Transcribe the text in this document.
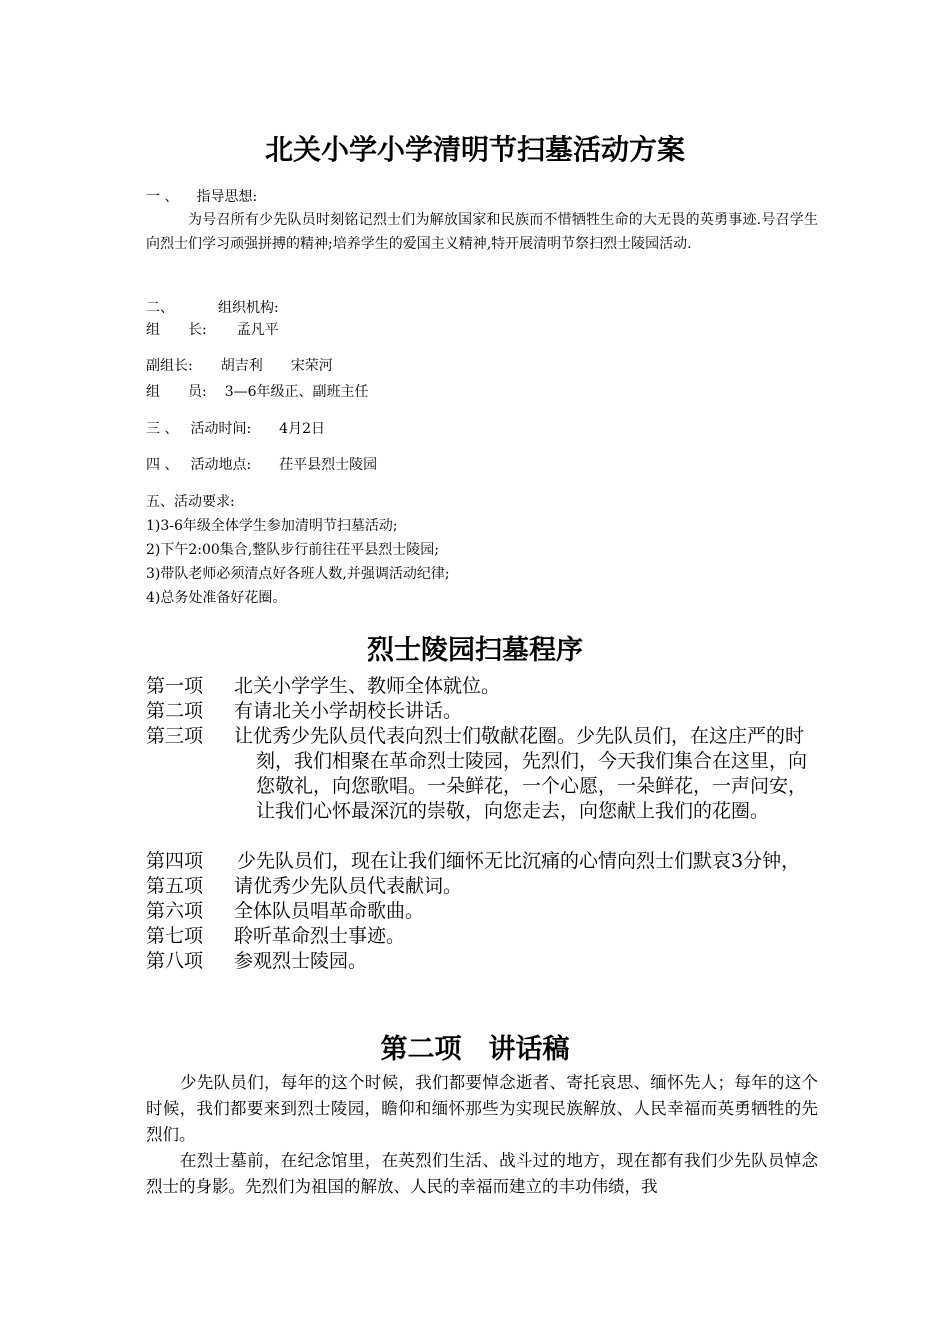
北关小学小学清明节扫墓活动方案
一 、 指导思想:
为号召所有少先队员时刻铭记烈士们为解放国家和民族而不惜牺牲生命的大无畏的英勇事迹.号召学生向烈士们学习顽强拼搏的精神;培养学生的爱国主义精神,特开展清明节祭扫烈士陵园活动.
二、	组织机构:
组　　长: 孟凡平
副组长: 胡吉利 宋荣河
组　　员: 3—6年级正、副班主任
三 、 活动时间: 4月2日
四 、 活动地点: 茌平县烈士陵园
五、活动要求:
1)3-6年级全体学生参加清明节扫墓活动;
2)下午2:00集合,整队步行前往茌平县烈士陵园;
3)带队老师必须清点好各班人数,并强调活动纪律;
4)总务处准备好花圈。
烈士陵园扫墓程序
第一项	北关小学学生、教师全体就位。
第二项	有请北关小学胡校长讲话。
第三项	让优秀少先队员代表向烈士们敬献花圈。少先队员们，在这庄严的时刻，我们相聚在革命烈士陵园，先烈们，今天我们集合在这里，向您敬礼，向您歌唱。一朵鲜花，一个心愿，一朵鲜花，一声问安，让我们心怀最深沉的崇敬，向您走去，向您献上我们的花圈。
第四项	少先队员们，现在让我们缅怀无比沉痛的心情向烈士们默哀3分钟，
第五项	请优秀少先队员代表献词。
第六项	全体队员唱革命歌曲。
第七项	聆听革命烈士事迹。
第八项	参观烈士陵园。
第二项　讲话稿

少先队员们，每年的这个时候，我们都要悼念逝者、寄托哀思、缅怀先人；每年的这个时候，我们都要来到烈士陵园，瞻仰和缅怀那些为实现民族解放、人民幸福而英勇牺牲的先烈们。

在烈士墓前，在纪念馆里，在英烈们生活、战斗过的地方，现在都有我们少先队员悼念烈士的身影。先烈们为祖国的解放、人民的幸福而建立的丰功伟绩，我
